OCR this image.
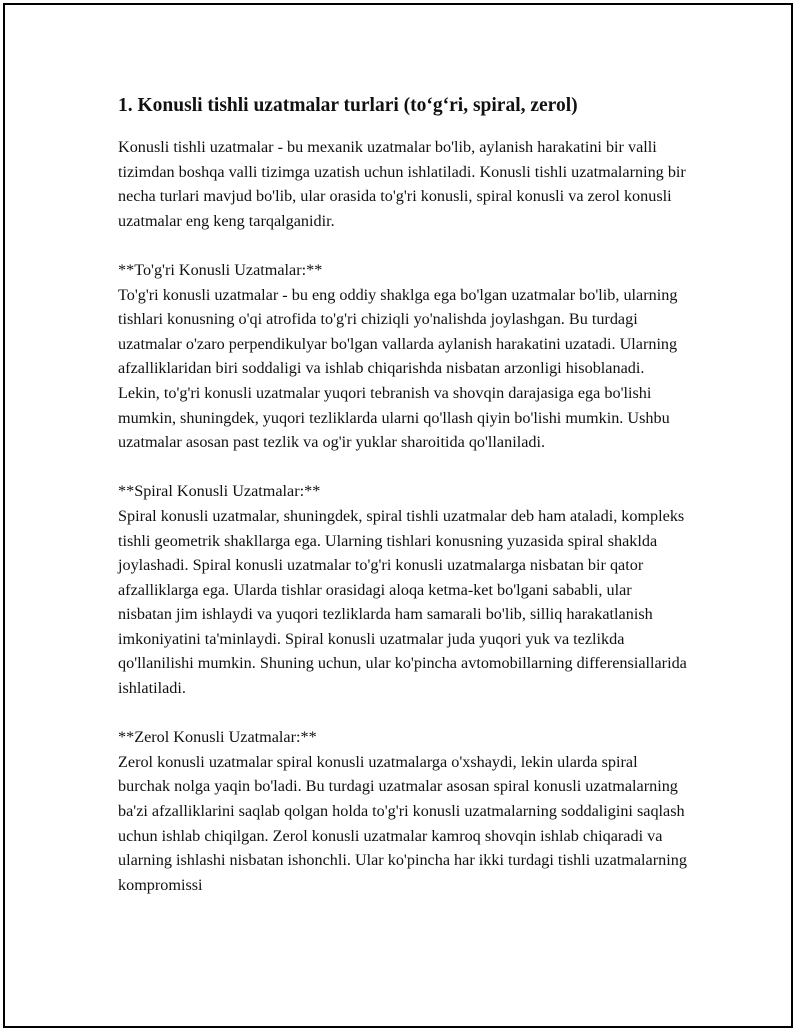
1. Konusli tishli uzatmalar turlari (to‘g‘ri, spiral, zerol)

Konusli tishli uzatmalar - bu mexanik uzatmalar bo'lib, aylanish harakatini bir valli tizimdan boshqa valli tizimga uzatish uchun ishlatiladi. Konusli tishli uzatmalarning bir necha turlari mavjud bo'lib, ular orasida to'g'ri konusli, spiral konusli va zerol konusli uzatmalar eng keng tarqalganidir.

**To'g'ri Konusli Uzatmalar:**
To'g'ri konusli uzatmalar - bu eng oddiy shaklga ega bo'lgan uzatmalar bo'lib, ularning tishlari konusning o'qi atrofida to'g'ri chiziqli yo'nalishda joylashgan. Bu turdagi uzatmalar o'zaro perpendikulyar bo'lgan vallarda aylanish harakatini uzatadi. Ularning afzalliklaridan biri soddaligi va ishlab chiqarishda nisbatan arzonligi hisoblanadi. Lekin, to'g'ri konusli uzatmalar yuqori tebranish va shovqin darajasiga ega bo'lishi mumkin, shuningdek, yuqori tezliklarda ularni qo'llash qiyin bo'lishi mumkin. Ushbu uzatmalar asosan past tezlik va og'ir yuklar sharoitida qo'llaniladi.

**Spiral Konusli Uzatmalar:**
Spiral konusli uzatmalar, shuningdek, spiral tishli uzatmalar deb ham ataladi, kompleks tishli geometrik shakllarga ega. Ularning tishlari konusning yuzasida spiral shaklda joylashadi. Spiral konusli uzatmalar to'g'ri konusli uzatmalarga nisbatan bir qator afzalliklarga ega. Ularda tishlar orasidagi aloqa ketma-ket bo'lgani sababli, ular nisbatan jim ishlaydi va yuqori tezliklarda ham samarali bo'lib, silliq harakatlanish imkoniyatini ta'minlaydi. Spiral konusli uzatmalar juda yuqori yuk va tezlikda qo'llanilishi mumkin. Shuning uchun, ular ko'pincha avtomobillarning differensiallarida ishlatiladi.

**Zerol Konusli Uzatmalar:**
Zerol konusli uzatmalar spiral konusli uzatmalarga o'xshaydi, lekin ularda spiral burchak nolga yaqin bo'ladi. Bu turdagi uzatmalar asosan spiral konusli uzatmalarning ba'zi afzalliklarini saqlab qolgan holda to'g'ri konusli uzatmalarning soddaligini saqlash uchun ishlab chiqilgan. Zerol konusli uzatmalar kamroq shovqin ishlab chiqaradi va ularning ishlashi nisbatan ishonchli. Ular ko'pincha har ikki turdagi tishli uzatmalarning kompromissi
